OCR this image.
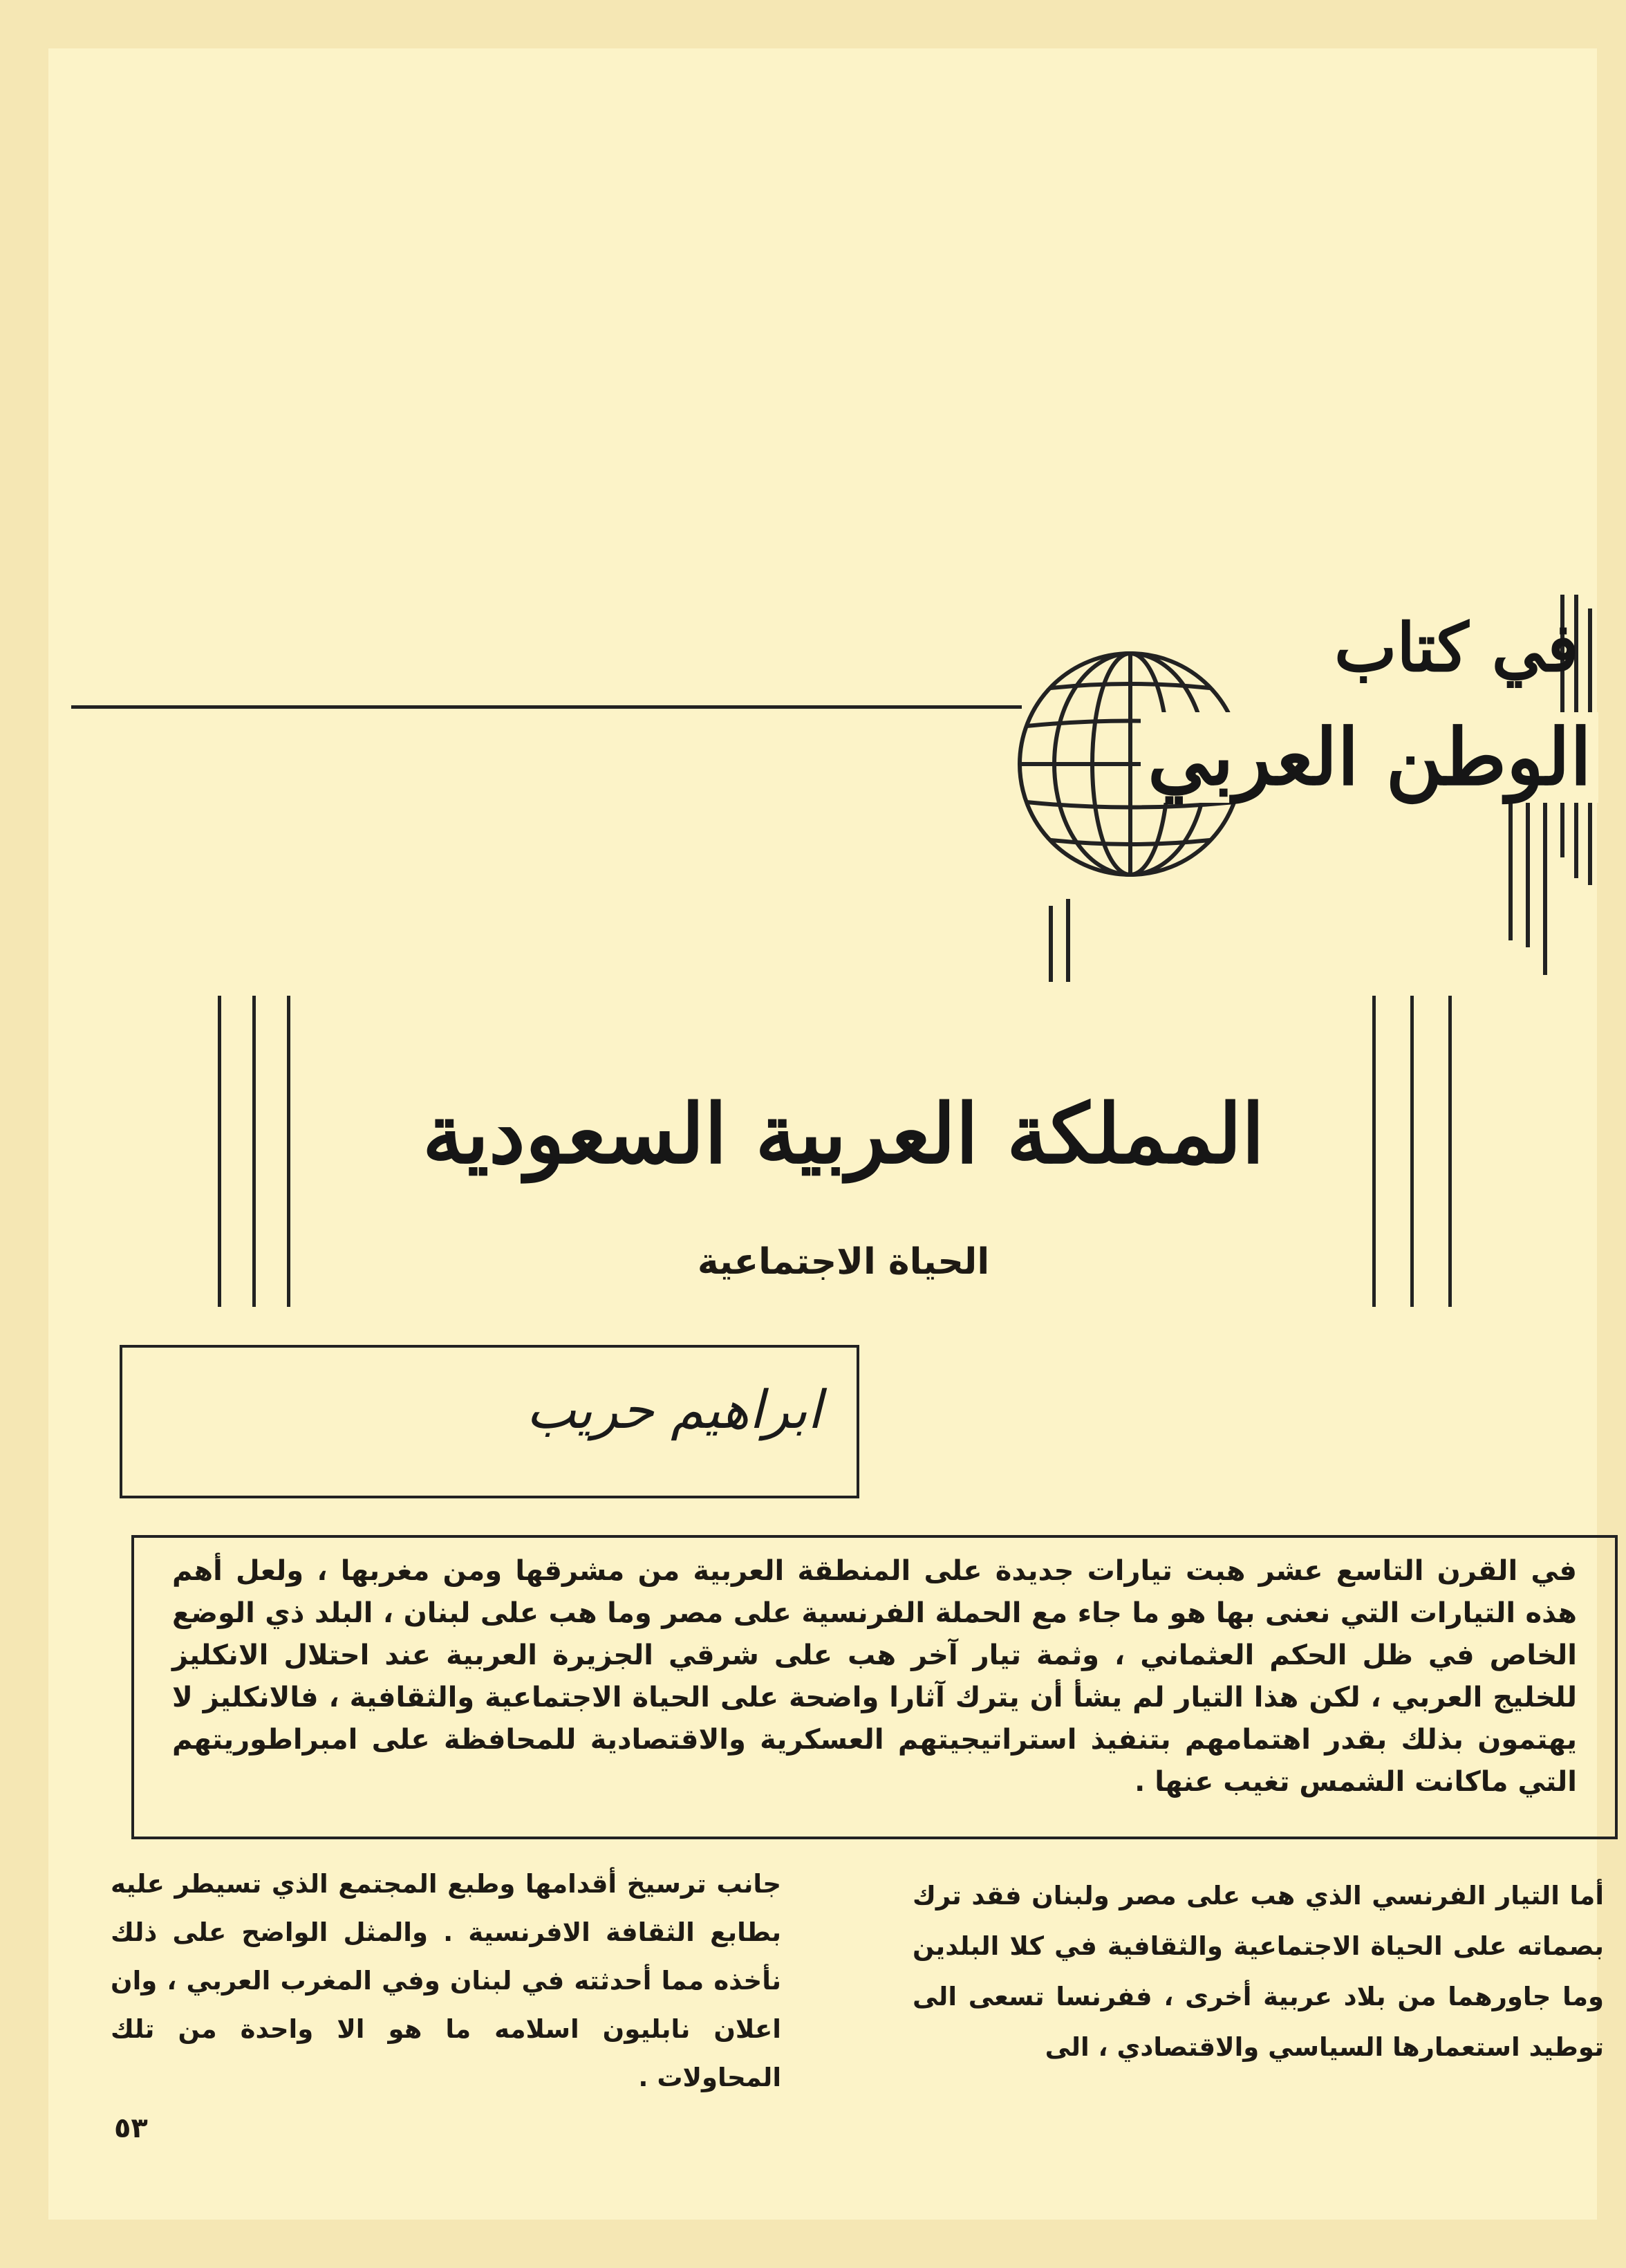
في كتاب
الوطن العربي
المملكة العربية السعودية
الحياة الاجتماعية
ابراهيم حريب

في القرن التاسع عشر هبت تيارات جديدة على المنطقة العربية من مشرقها ومن مغربها ، ولعل أهم هذه التيارات التي نعنى بها هو ما جاء مع الحملة الفرنسية على مصر وما هب على لبنان ، البلد ذي الوضع الخاص في ظل الحكم العثماني ، وثمة تيار آخر هب على شرقي الجزيرة العربية عند احتلال الانكليز للخليج العربي ، لكن هذا التيار لم يشأ أن يترك آثارا واضحة على الحياة الاجتماعية والثقافية ، فالانكليز لا يهتمون بذلك بقدر اهتمامهم بتنفيذ استراتيجيتهم العسكرية والاقتصادية للمحافظة على امبراطوريتهم التي ماكانت الشمس تغيب عنها .

أما التيار الفرنسي الذي هب على مصر ولبنان فقد ترك بصماته على الحياة الاجتماعية والثقافية في كلا البلدين وما جاورهما من بلاد عربية أخرى ، ففرنسا تسعى الى توطيد استعمارها السياسي والاقتصادي ، الى

جانب ترسيخ أقدامها وطبع المجتمع الذي تسيطر عليه بطابع الثقافة الافرنسية . والمثل الواضح على ذلك نأخذه مما أحدثته في لبنان وفي المغرب العربي ، وان اعلان نابليون اسلامه ما هو الا واحدة من تلك المحاولات .

٥٣
